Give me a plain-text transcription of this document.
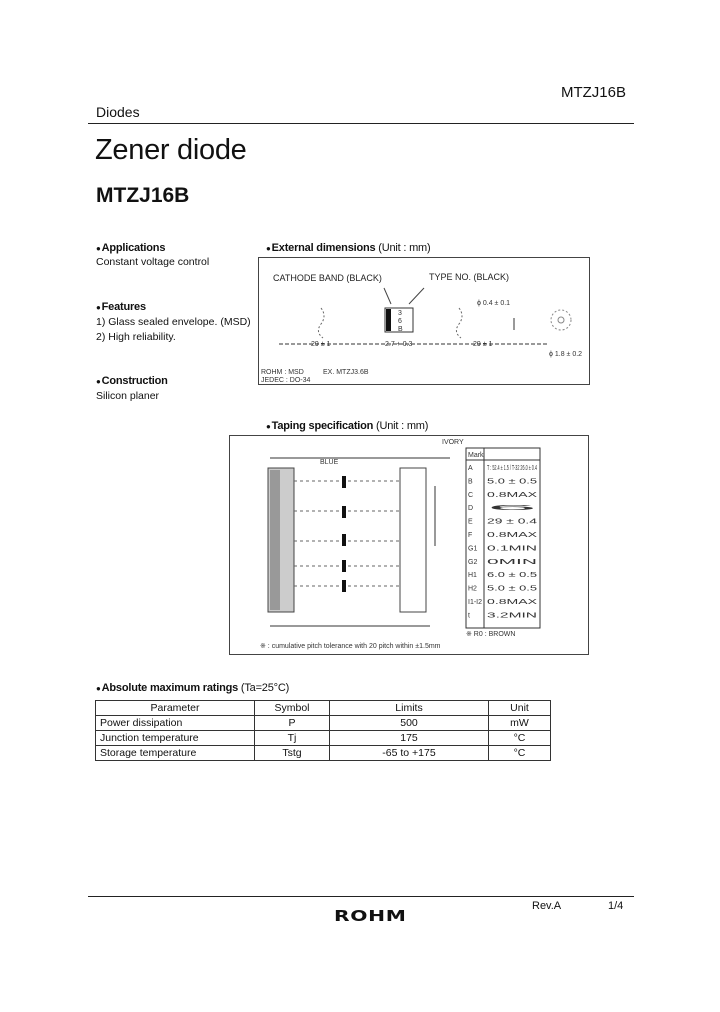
MTZJ16B
Diodes
Zener diode
MTZJ16B
●Applications
Constant voltage control
●Features
1) Glass sealed envelope. (MSD)
2) High reliability.
●Construction
Silicon planer
●External dimensions (Unit : mm)
CATHODE BAND (BLACK)	TYPE NO. (BLACK)
3
6
B
ϕ 0.4 ± 0.1
29 ± 1	2.7 + 0.3	29 ± 1
ϕ 1.8 ± 0.2
ROHM : MSD	EX. MTZJ3.6B
JEDEC : DO-34
●Taping specification (Unit : mm)
BLUE
IVORY
Mark
A T : 52.4 ± 1.5 / T-32 26.0 ± 0.4
B 5.0 ± 0.5
C 0.8MAX
D 6
E 29 ± 0.4
F 0.8MAX
G1 0.1MIN
G2 0MIN
H1 6.0 ± 0.5
H2 5.0 ± 0.5
I1-I2 0.8MAX
t 3.2MIN
※ R0 : BROWN
※ : cumulative pitch tolerance with 20 pitch within ±1.5mm
●Absolute maximum ratings (Ta=25°C)
Parameter	Symbol	Limits	Unit
Power dissipation	P	500	mW
Junction temperature	Tj	175	°C
Storage temperature	Tstg	-65 to +175	°C
Rev.A	1/4
ROHM
